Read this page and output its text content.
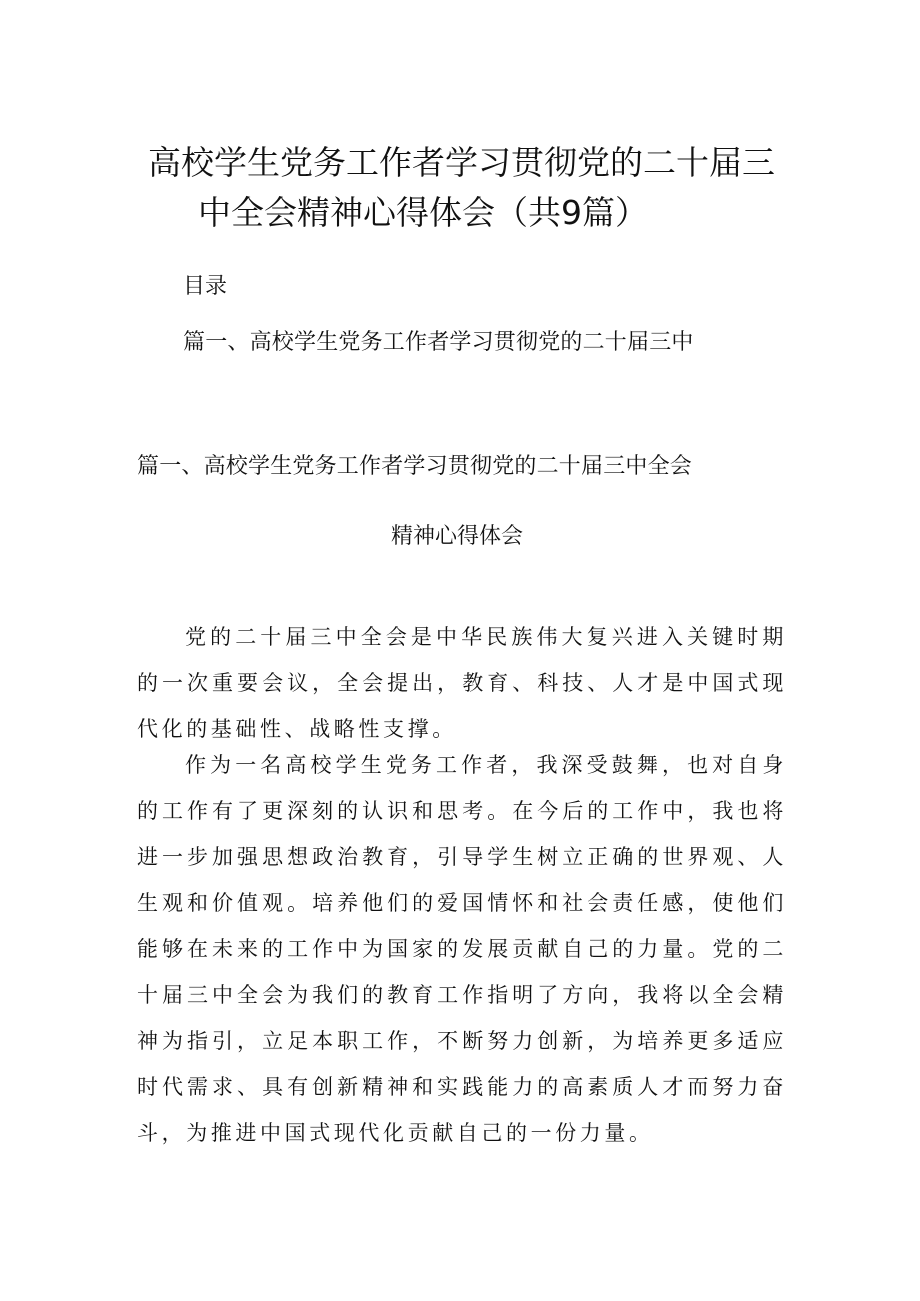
高校学生党务工作者学习贯彻党的二十届三
中全会精神心得体会（共9篇）
目录
篇一、高校学生党务工作者学习贯彻党的二十届三中
篇一、高校学生党务工作者学习贯彻党的二十届三中全会
精神心得体会

党的二十届三中全会是中华民族伟大复兴进入关键时期的一次重要会议，全会提出，教育、科技、人才是中国式现代化的基础性、战略性支撑。

作为一名高校学生党务工作者，我深受鼓舞，也对自身的工作有了更深刻的认识和思考。在今后的工作中，我也将进一步加强思想政治教育，引导学生树立正确的世界观、人生观和价值观。培养他们的爱国情怀和社会责任感，使他们能够在未来的工作中为国家的发展贡献自己的力量。党的二十届三中全会为我们的教育工作指明了方向，我将以全会精神为指引，立足本职工作，不断努力创新，为培养更多适应时代需求、具有创新精神和实践能力的高素质人才而努力奋斗，为推进中国式现代化贡献自己的一份力量。
